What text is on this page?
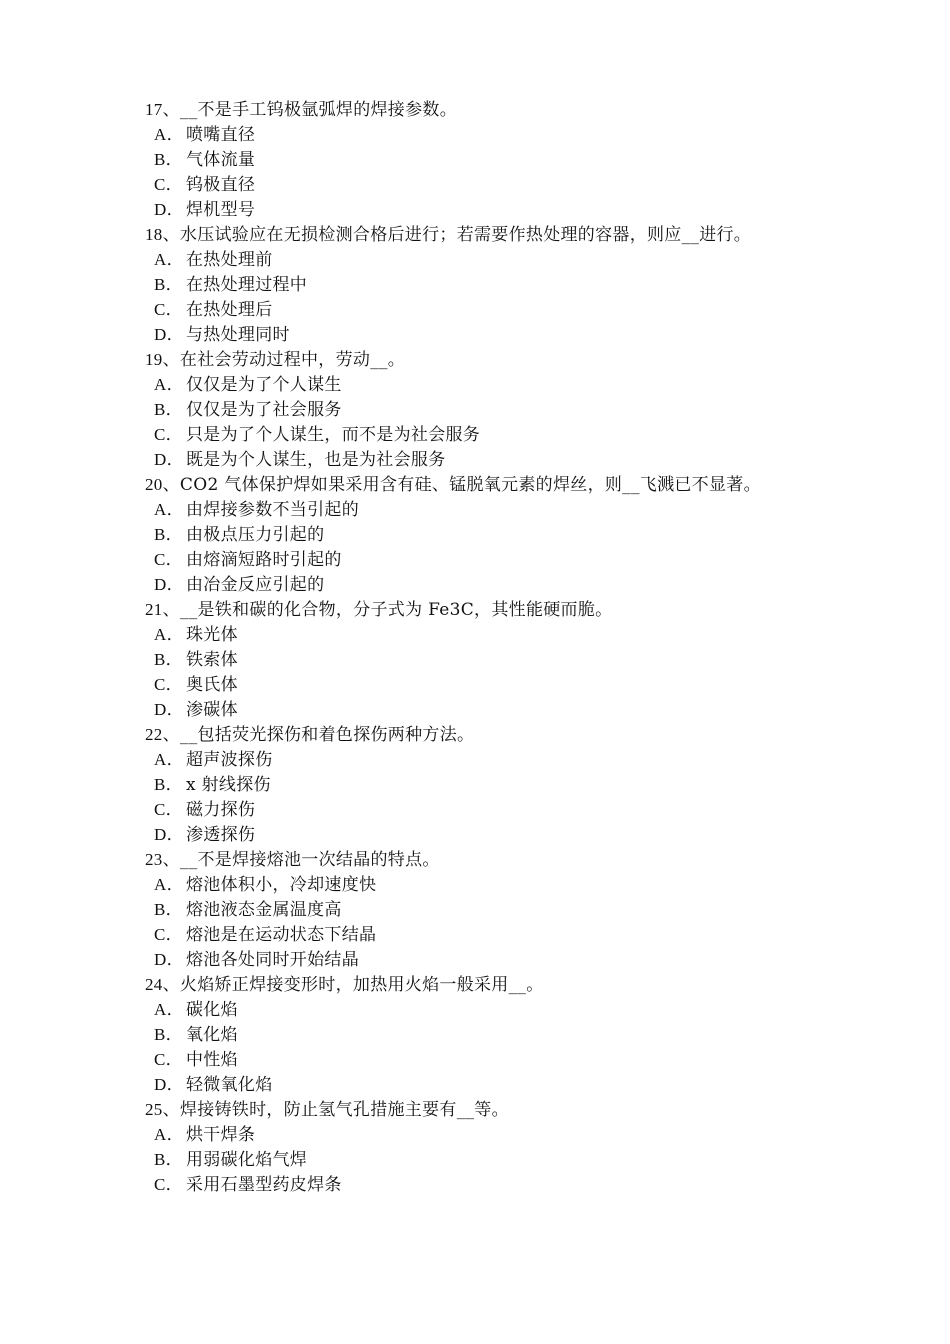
17、__不是手工钨极氩弧焊的焊接参数。
A． 喷嘴直径
B． 气体流量
C． 钨极直径
D． 焊机型号
18、水压试验应在无损检测合格后进行；若需要作热处理的容器，则应__进行。
A． 在热处理前
B． 在热处理过程中
C． 在热处理后
D． 与热处理同时
19、在社会劳动过程中，劳动__。
A． 仅仅是为了个人谋生
B． 仅仅是为了社会服务
C． 只是为了个人谋生，而不是为社会服务
D． 既是为个人谋生，也是为社会服务
20、CO2 气体保护焊如果采用含有硅、锰脱氧元素的焊丝，则__飞溅已不显著。
A． 由焊接参数不当引起的
B． 由极点压力引起的
C． 由熔滴短路时引起的
D． 由冶金反应引起的
21、__是铁和碳的化合物，分子式为 Fe3C，其性能硬而脆。
A． 珠光体
B． 铁索体
C． 奥氏体
D． 渗碳体
22、__包括荧光探伤和着色探伤两种方法。
A． 超声波探伤
B． x 射线探伤
C． 磁力探伤
D． 渗透探伤
23、__不是焊接熔池一次结晶的特点。
A． 熔池体积小，冷却速度快
B． 熔池液态金属温度高
C． 熔池是在运动状态下结晶
D． 熔池各处同时开始结晶
24、火焰矫正焊接变形时，加热用火焰一般采用__。
A． 碳化焰
B． 氧化焰
C． 中性焰
D． 轻微氧化焰
25、焊接铸铁时，防止氢气孔措施主要有__等。
A． 烘干焊条
B． 用弱碳化焰气焊
C． 采用石墨型药皮焊条
